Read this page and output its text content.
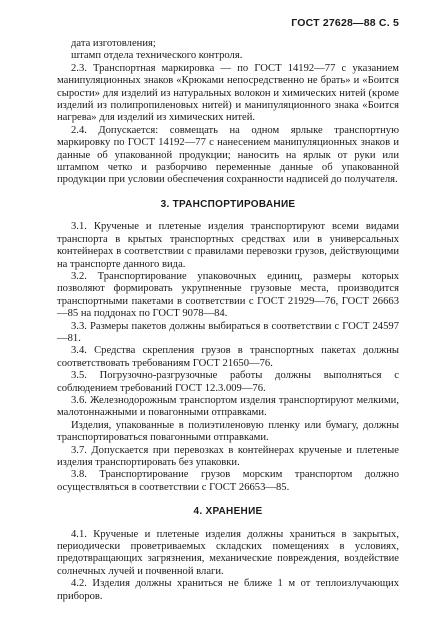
ГОСТ 27628—88 С. 5

дата изготовления;

штамп отдела технического контроля.

2.3. Транспортная маркировка — по ГОСТ 14192—77 с указанием манипуляционных знаков «Крюками непосредственно не брать» и «Боится сырости» для изделий из натуральных волокон и химических нитей (кроме изделий из полипропиленовых нитей) и манипуляционного знака «Боится нагрева» для изделий из химических нитей.

2.4. Допускается: совмещать на одном ярлыке транспортную маркировку по ГОСТ 14192—77 с нанесением манипуляционных знаков и данные об упакованной продукции; наносить на ярлык от руки или штампом четко и разборчиво переменные данные об упакованной продукции при условии обеспечения сохранности надписей до получателя.

3. ТРАНСПОРТИРОВАНИЕ

3.1. Крученые и плетеные изделия транспортируют всеми видами транспорта в крытых транспортных средствах или в универсальных контейнерах в соответствии с правилами перевозки грузов, действующими на транспорте данного вида.

3.2. Транспортирование упаковочных единиц, размеры которых позволяют формировать укрупненные грузовые места, производится транспортными пакетами в соответствии с ГОСТ 21929—76, ГОСТ 26663—85 на поддонах по ГОСТ 9078—84.

3.3. Размеры пакетов должны выбираться в соответствии с ГОСТ 24597—81.

3.4. Средства скрепления грузов в транспортных пакетах должны соответствовать требованиям ГОСТ 21650—76.

3.5. Погрузочно-разгрузочные работы должны выполняться с соблюдением требований ГОСТ 12.3.009—76.

3.6. Железнодорожным транспортом изделия транспортируют мелкими, малотоннажными и повагонными отправками.

Изделия, упакованные в полиэтиленовую пленку или бумагу, должны транспортироваться повагонными отправками.

3.7. Допускается при перевозках в контейнерах крученые и плетеные изделия транспортировать без упаковки.

3.8. Транспортирование грузов морским транспортом должно осуществляться в соответствии с ГОСТ 26653—85.

4. ХРАНЕНИЕ

4.1. Крученые и плетеные изделия должны храниться в закрытых, периодически проветриваемых складских помещениях в условиях, предотвращающих загрязнения, механические повреждения, воздействие солнечных лучей и почвенной влаги.

4.2. Изделия должны храниться не ближе 1 м от теплоизлучающих приборов.
